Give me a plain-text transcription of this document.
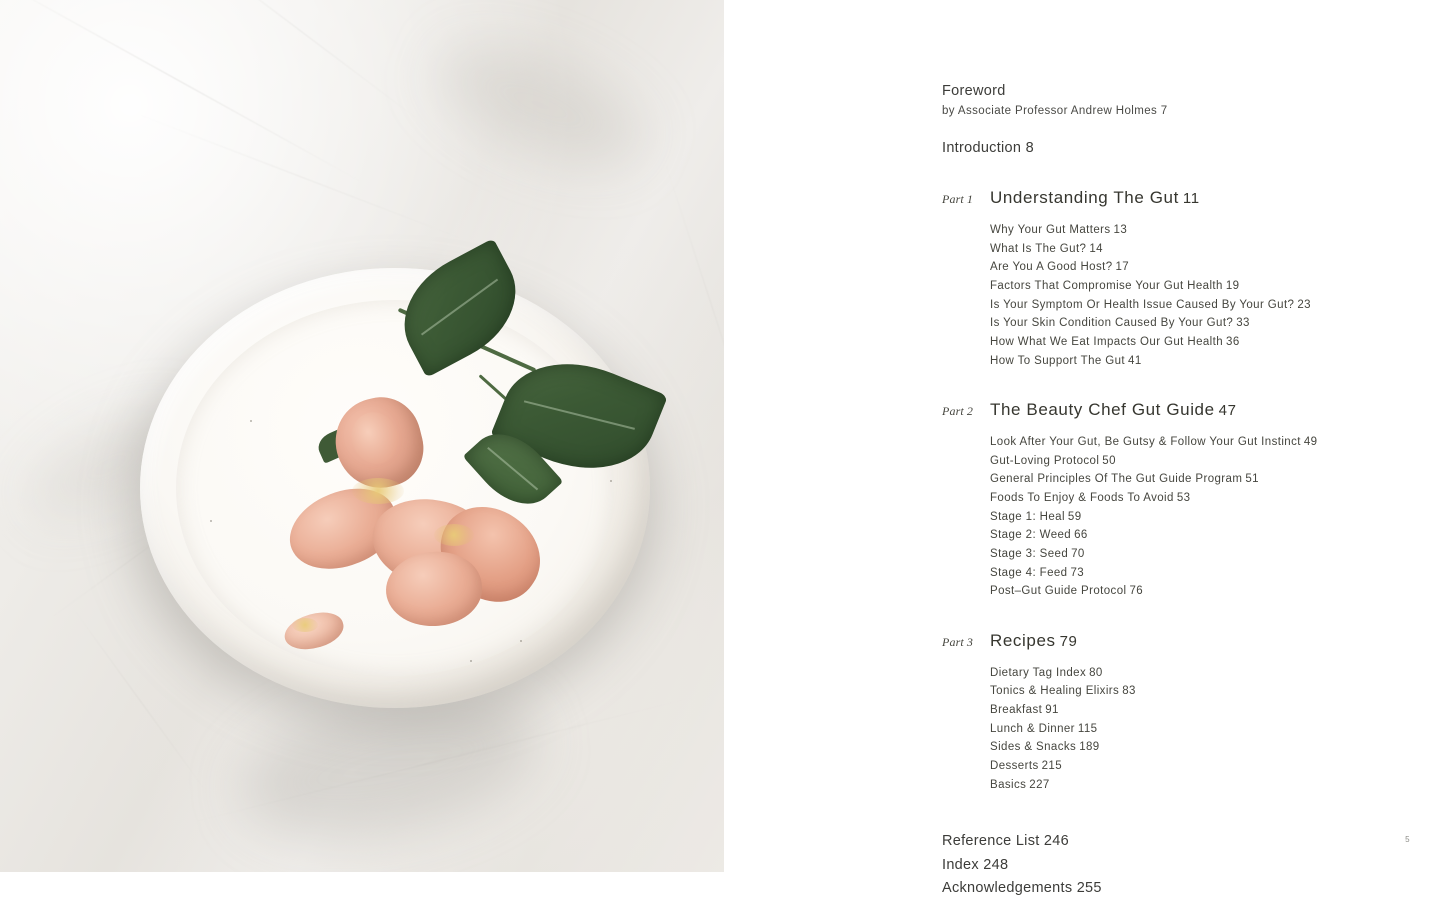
Foreword
by Associate Professor Andrew Holmes 7
Introduction 8
Part 1 Understanding The Gut 11
Why Your Gut Matters 13
What Is The Gut? 14
Are You A Good Host? 17
Factors That Compromise Your Gut Health 19
Is Your Symptom Or Health Issue Caused By Your Gut? 23
Is Your Skin Condition Caused By Your Gut? 33
How What We Eat Impacts Our Gut Health 36
How To Support The Gut 41
Part 2 The Beauty Chef Gut Guide 47
Look After Your Gut, Be Gutsy & Follow Your Gut Instinct 49
Gut-Loving Protocol 50
General Principles Of The Gut Guide Program 51
Foods To Enjoy & Foods To Avoid 53
Stage 1: Heal 59
Stage 2: Weed 66
Stage 3: Seed 70
Stage 4: Feed 73
Post–Gut Guide Protocol 76
Part 3 Recipes 79
Dietary Tag Index 80
Tonics & Healing Elixirs 83
Breakfast 91
Lunch & Dinner 115
Sides & Snacks 189
Desserts 215
Basics 227
Reference List 246
Index 248
Acknowledgements 255
5
